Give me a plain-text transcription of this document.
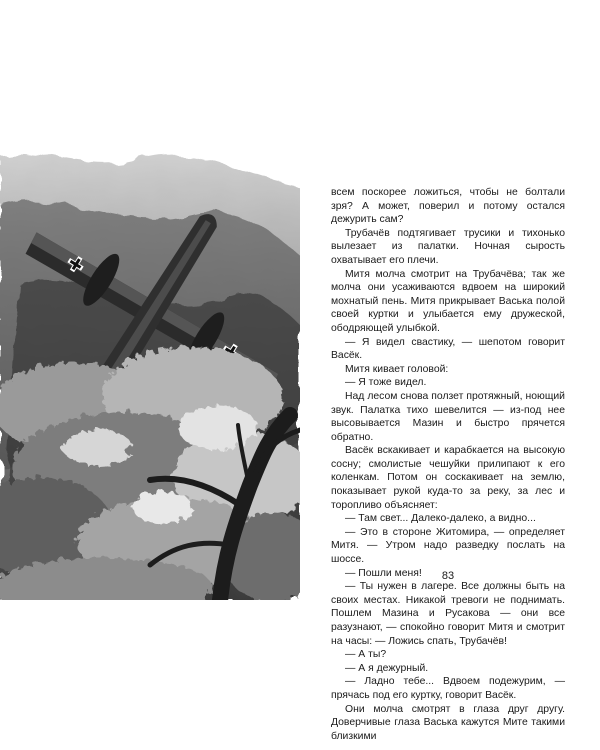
всем поскорее ложиться, чтобы не болтали зря? А может, поверил и потому остался дежурить сам?

Трубачёв подтягивает трусики и тихонько вылезает из палатки. Ночная сырость охватывает его плечи.

Митя молча смотрит на Трубачёва; так же молча они усаживаются вдвоем на широкий мохнатый пень. Митя прикрывает Васька полой своей куртки и улыбается ему дружеской, ободряющей улыбкой.

— Я видел свастику, — шепотом говорит Васёк.

Митя кивает головой:

— Я тоже видел.

Над лесом снова ползет протяжный, ноющий звук. Палатка тихо шевелится — из-под нее высовывается Мазин и быстро прячется обратно.

Васёк вскакивает и карабкается на высокую сосну; смолистые чешуйки прилипают к его коленкам. Потом он соскакивает на землю, показывает рукой куда-то за реку, за лес и торопливо объясняет:

— Там свет... Далеко-далеко, а видно...

— Это в стороне Житомира, — определяет Митя. — Утром надо разведку послать на шоссе.

— Пошли меня!

— Ты нужен в лагере. Все должны быть на своих местах. Никакой тревоги не поднимать. Пошлем Мазина и Русакова — они все разузнают, — спокойно говорит Митя и смотрит на часы: — Ложись спать, Трубачёв!

— А ты?

— А я дежурный.

— Ладно тебе... Вдвоем подежурим, — прячась под его куртку, говорит Васёк.

Они молча смотрят в глаза друг другу. Доверчивые глаза Васька кажутся Мите такими близкими

83
